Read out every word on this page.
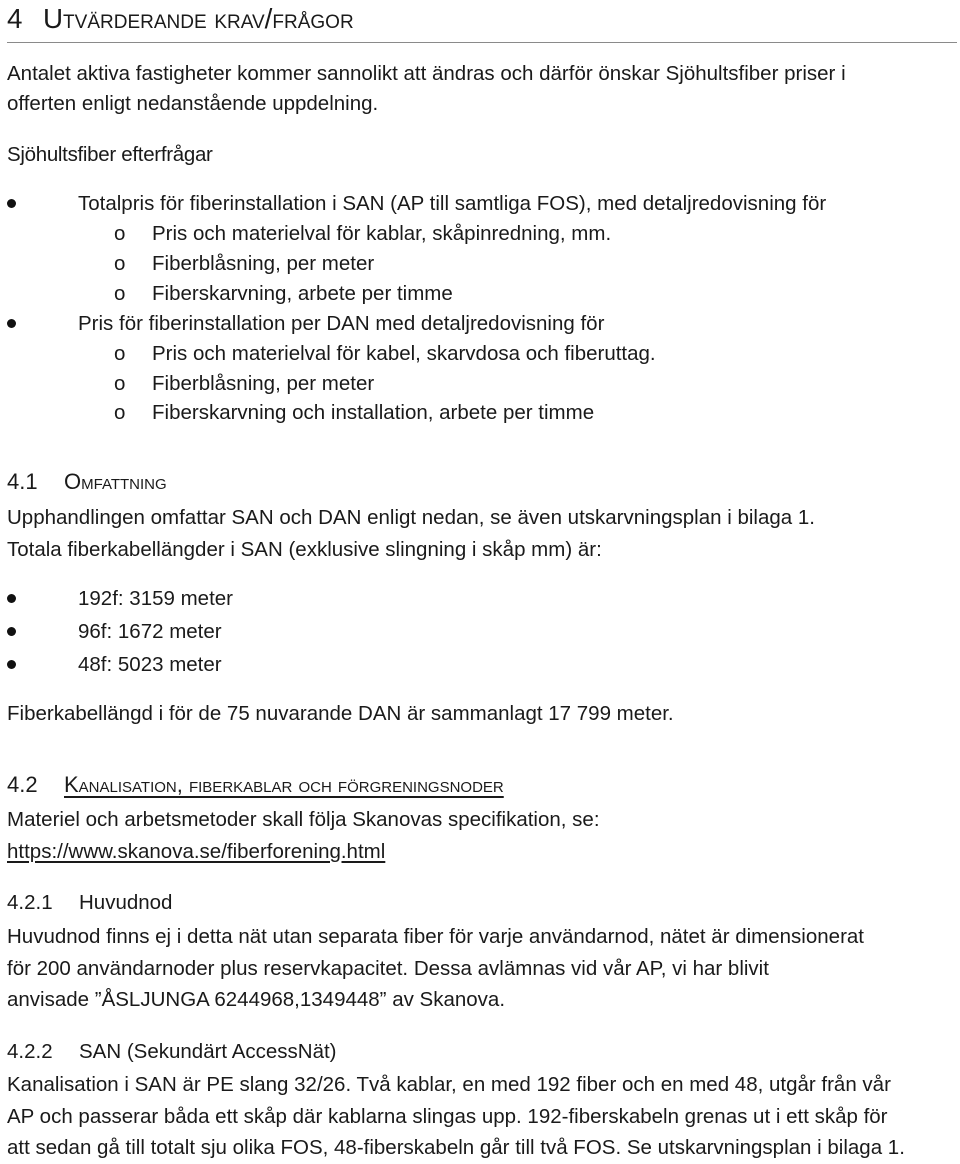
4 Utvärderande krav/frågor
Antalet aktiva fastigheter kommer sannolikt att ändras och därför önskar Sjöhultsfiber priser i
offerten enligt nedanstående uppdelning.
Sjöhultsfiber efterfrågar
Totalpris för fiberinstallation i SAN (AP till samtliga FOS), med detaljredovisning för
o Pris och materielval för kablar, skåpinredning, mm.
o Fiberblåsning, per meter
o Fiberskarvning, arbete per timme
Pris för fiberinstallation per DAN med detaljredovisning för
o Pris och materielval för kabel, skarvdosa och fiberuttag.
o Fiberblåsning, per meter
o Fiberskarvning och installation, arbete per timme
4.1 Omfattning
Upphandlingen omfattar SAN och DAN enligt nedan, se även utskarvningsplan i bilaga 1.
Totala fiberkabellängder i SAN (exklusive slingning i skåp mm) är:
192f: 3159 meter
96f: 1672 meter
48f: 5023 meter
Fiberkabellängd i för de 75 nuvarande DAN är sammanlagt 17 799 meter.
4.2 Kanalisation, fiberkablar och förgreningsnoder
Materiel och arbetsmetoder skall följa Skanovas specifikation, se:
https://www.skanova.se/fiberforening.html
4.2.1 Huvudnod
Huvudnod finns ej i detta nät utan separata fiber för varje användarnod, nätet är dimensionerat
för 200 användarnoder plus reservkapacitet. Dessa avlämnas vid vår AP, vi har blivit
anvisade ”ÅSLJUNGA 6244968,1349448” av Skanova.
4.2.2 SAN (Sekundärt AccessNät)
Kanalisation i SAN är PE slang 32/26. Två kablar, en med 192 fiber och en med 48, utgår från vår
AP och passerar båda ett skåp där kablarna slingas upp. 192-fiberskabeln grenas ut i ett skåp för
att sedan gå till totalt sju olika FOS, 48-fiberskabeln går till två FOS. Se utskarvningsplan i bilaga 1.
